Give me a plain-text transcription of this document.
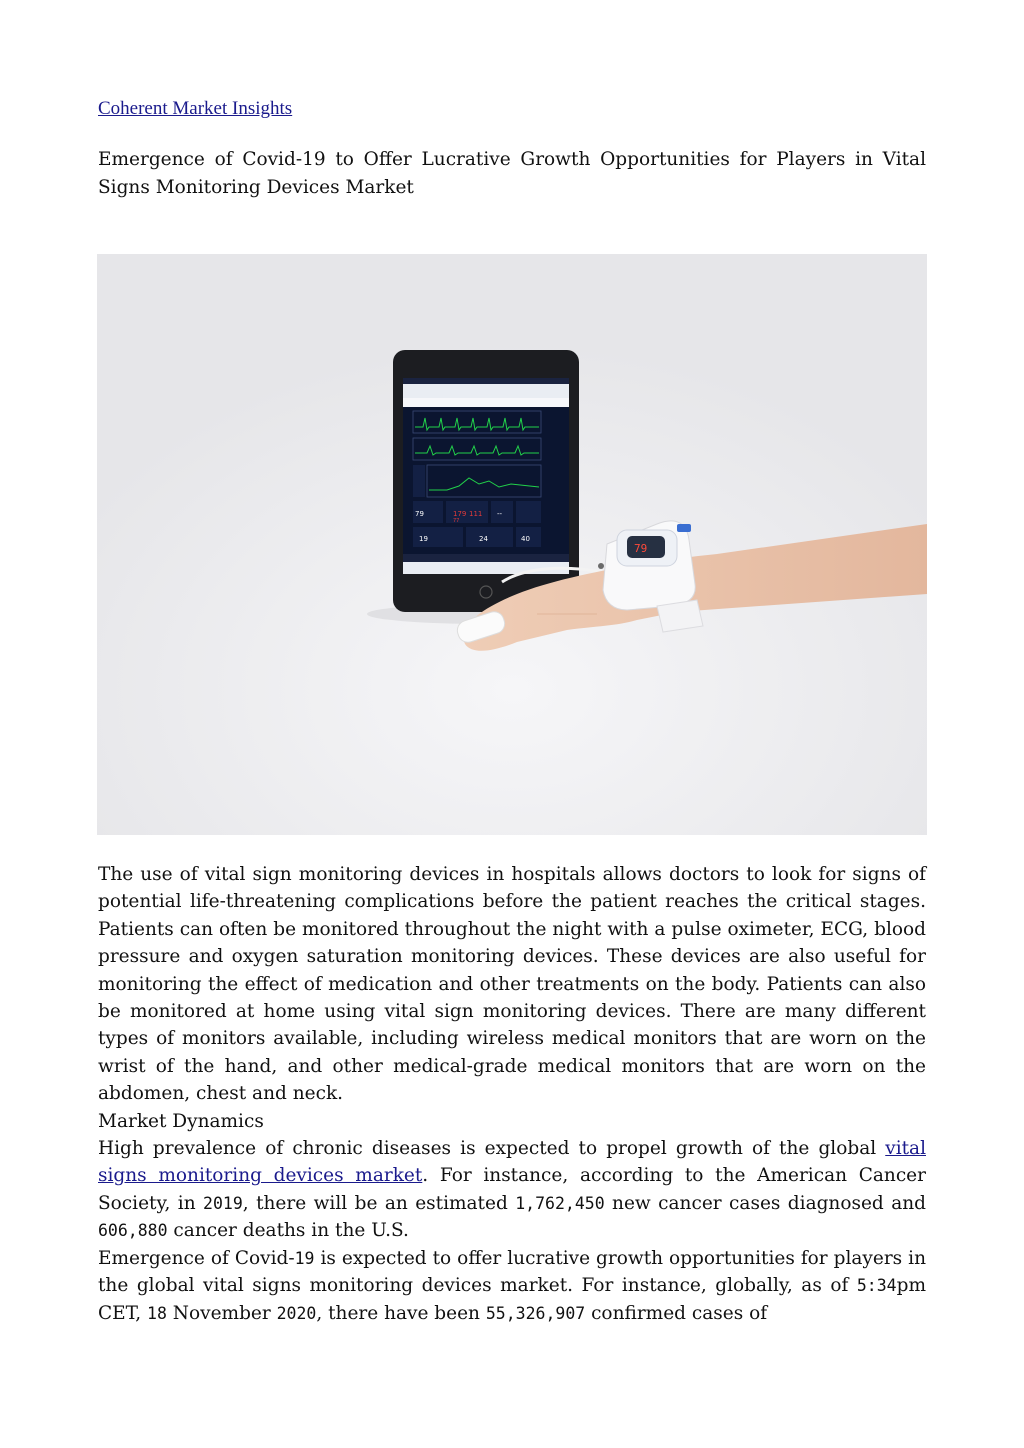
Coherent Market Insights
Emergence of Covid-19 to Offer Lucrative Growth Opportunities for Players in Vital Signs Monitoring Devices Market
79	179 111
77
--
19	24	40
79

The use of vital sign monitoring devices in hospitals allows doctors to look for signs of potential life-threatening complications before the patient reaches the critical stages. Patients can often be monitored throughout the night with a pulse oximeter, ECG, blood pressure and oxygen saturation monitoring devices. These devices are also useful for monitoring the effect of medication and other treatments on the body. Patients can also be monitored at home using vital sign monitoring devices. There are many different types of monitors available, including wireless medical monitors that are worn on the wrist of the hand, and other medical-grade medical monitors that are worn on the abdomen, chest and neck.

Market Dynamics

High prevalence of chronic diseases is expected to propel growth of the global vital signs monitoring devices market. For instance, according to the American Cancer Society, in 2019, there will be an estimated 1,762,450 new cancer cases diagnosed and 606,880 cancer deaths in the U.S.

Emergence of Covid-19 is expected to offer lucrative growth opportunities for players in the global vital signs monitoring devices market. For instance, globally, as of 5:34pm CET, 18 November 2020, there have been 55,326,907 confirmed cases of
